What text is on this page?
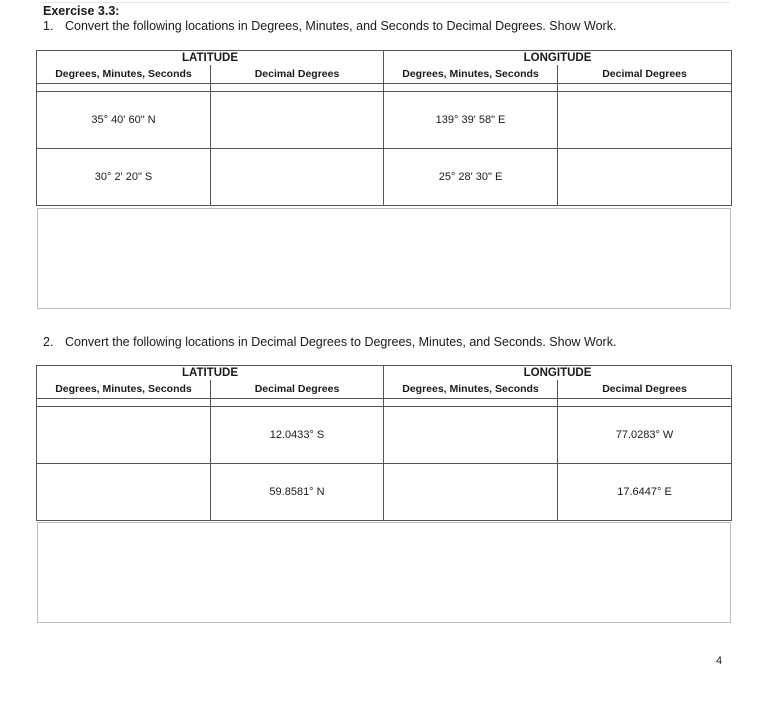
Exercise 3.3:
1. Convert the following locations in Degrees, Minutes, and Seconds to Decimal Degrees. Show Work.
LATITUDE		LONGITUDE	
Degrees, Minutes, Seconds	Decimal Degrees	Degrees, Minutes, Seconds	Decimal Degrees

35° 40' 60" N		139° 39' 58" E	
30° 2' 20" S		25° 28' 30" E	
2. Convert the following locations in Decimal Degrees to Degrees, Minutes, and Seconds. Show Work.
LATITUDE		LONGITUDE	
Degrees, Minutes, Seconds	Decimal Degrees	Degrees, Minutes, Seconds	Decimal Degrees

	12.0433° S		77.0283° W
	59.8581° N		17.6447° E
4
